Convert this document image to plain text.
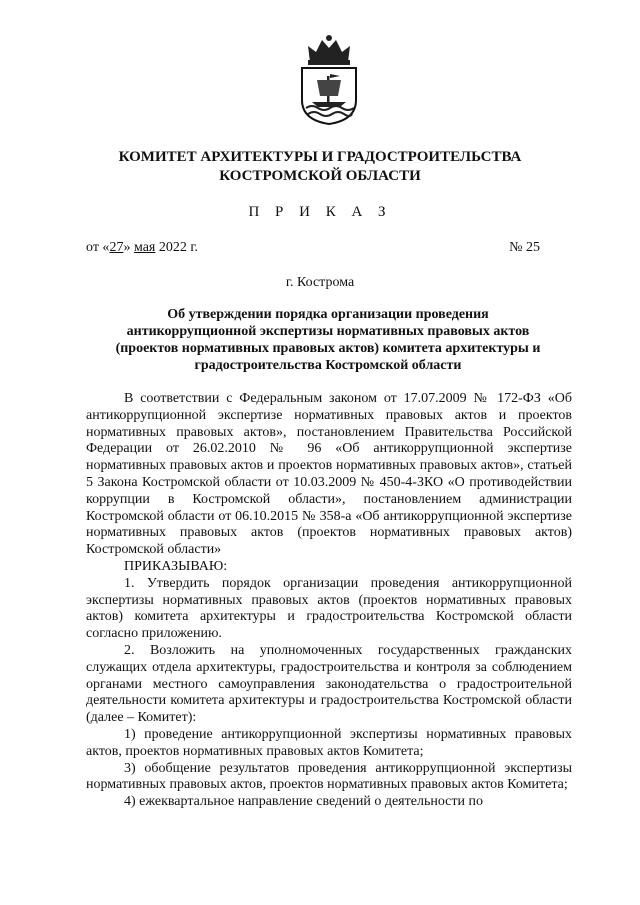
КОМИТЕТ АРХИТЕКТУРЫ И ГРАДОСТРОИТЕЛЬСТВА
КОСТРОМСКОЙ ОБЛАСТИ
П Р И К А З
от «27» мая 2022 г.	№ 25
г. Кострома
Об утверждении порядка организации проведения
антикоррупционной экспертизы нормативных правовых актов
(проектов нормативных правовых актов) комитета архитектуры и
градостроительства Костромской области

В соответствии с Федеральным законом от 17.07.2009 № 172-ФЗ «Об антикоррупционной экспертизе нормативных правовых актов и проектов нормативных правовых актов», постановлением Правительства Российской Федерации от 26.02.2010 № 96 «Об антикоррупционной экспертизе нормативных правовых актов и проектов нормативных правовых актов», статьей 5 Закона Костромской области от 10.03.2009 № 450-4-ЗКО «О противодействии коррупции в Костромской области», постановлением администрации Костромской области от 06.10.2015 № 358-а «Об антикоррупционной экспертизе нормативных правовых актов (проектов нормативных правовых актов) Костромской области»

ПРИКАЗЫВАЮ:

1. Утвердить порядок организации проведения антикоррупционной экспертизы нормативных правовых актов (проектов нормативных правовых актов) комитета архитектуры и градостроительства Костромской области согласно приложению.

2. Возложить на уполномоченных государственных гражданских служащих отдела архитектуры, градостроительства и контроля за соблюдением органами местного самоуправления законодательства о градостроительной деятельности комитета архитектуры и градостроительства Костромской области (далее – Комитет):

1) проведение антикоррупционной экспертизы нормативных правовых актов, проектов нормативных правовых актов Комитета;

3) обобщение результатов проведения антикоррупционной экспертизы нормативных правовых актов, проектов нормативных правовых актов Комитета;

4) ежеквартальное направление сведений о деятельности по
